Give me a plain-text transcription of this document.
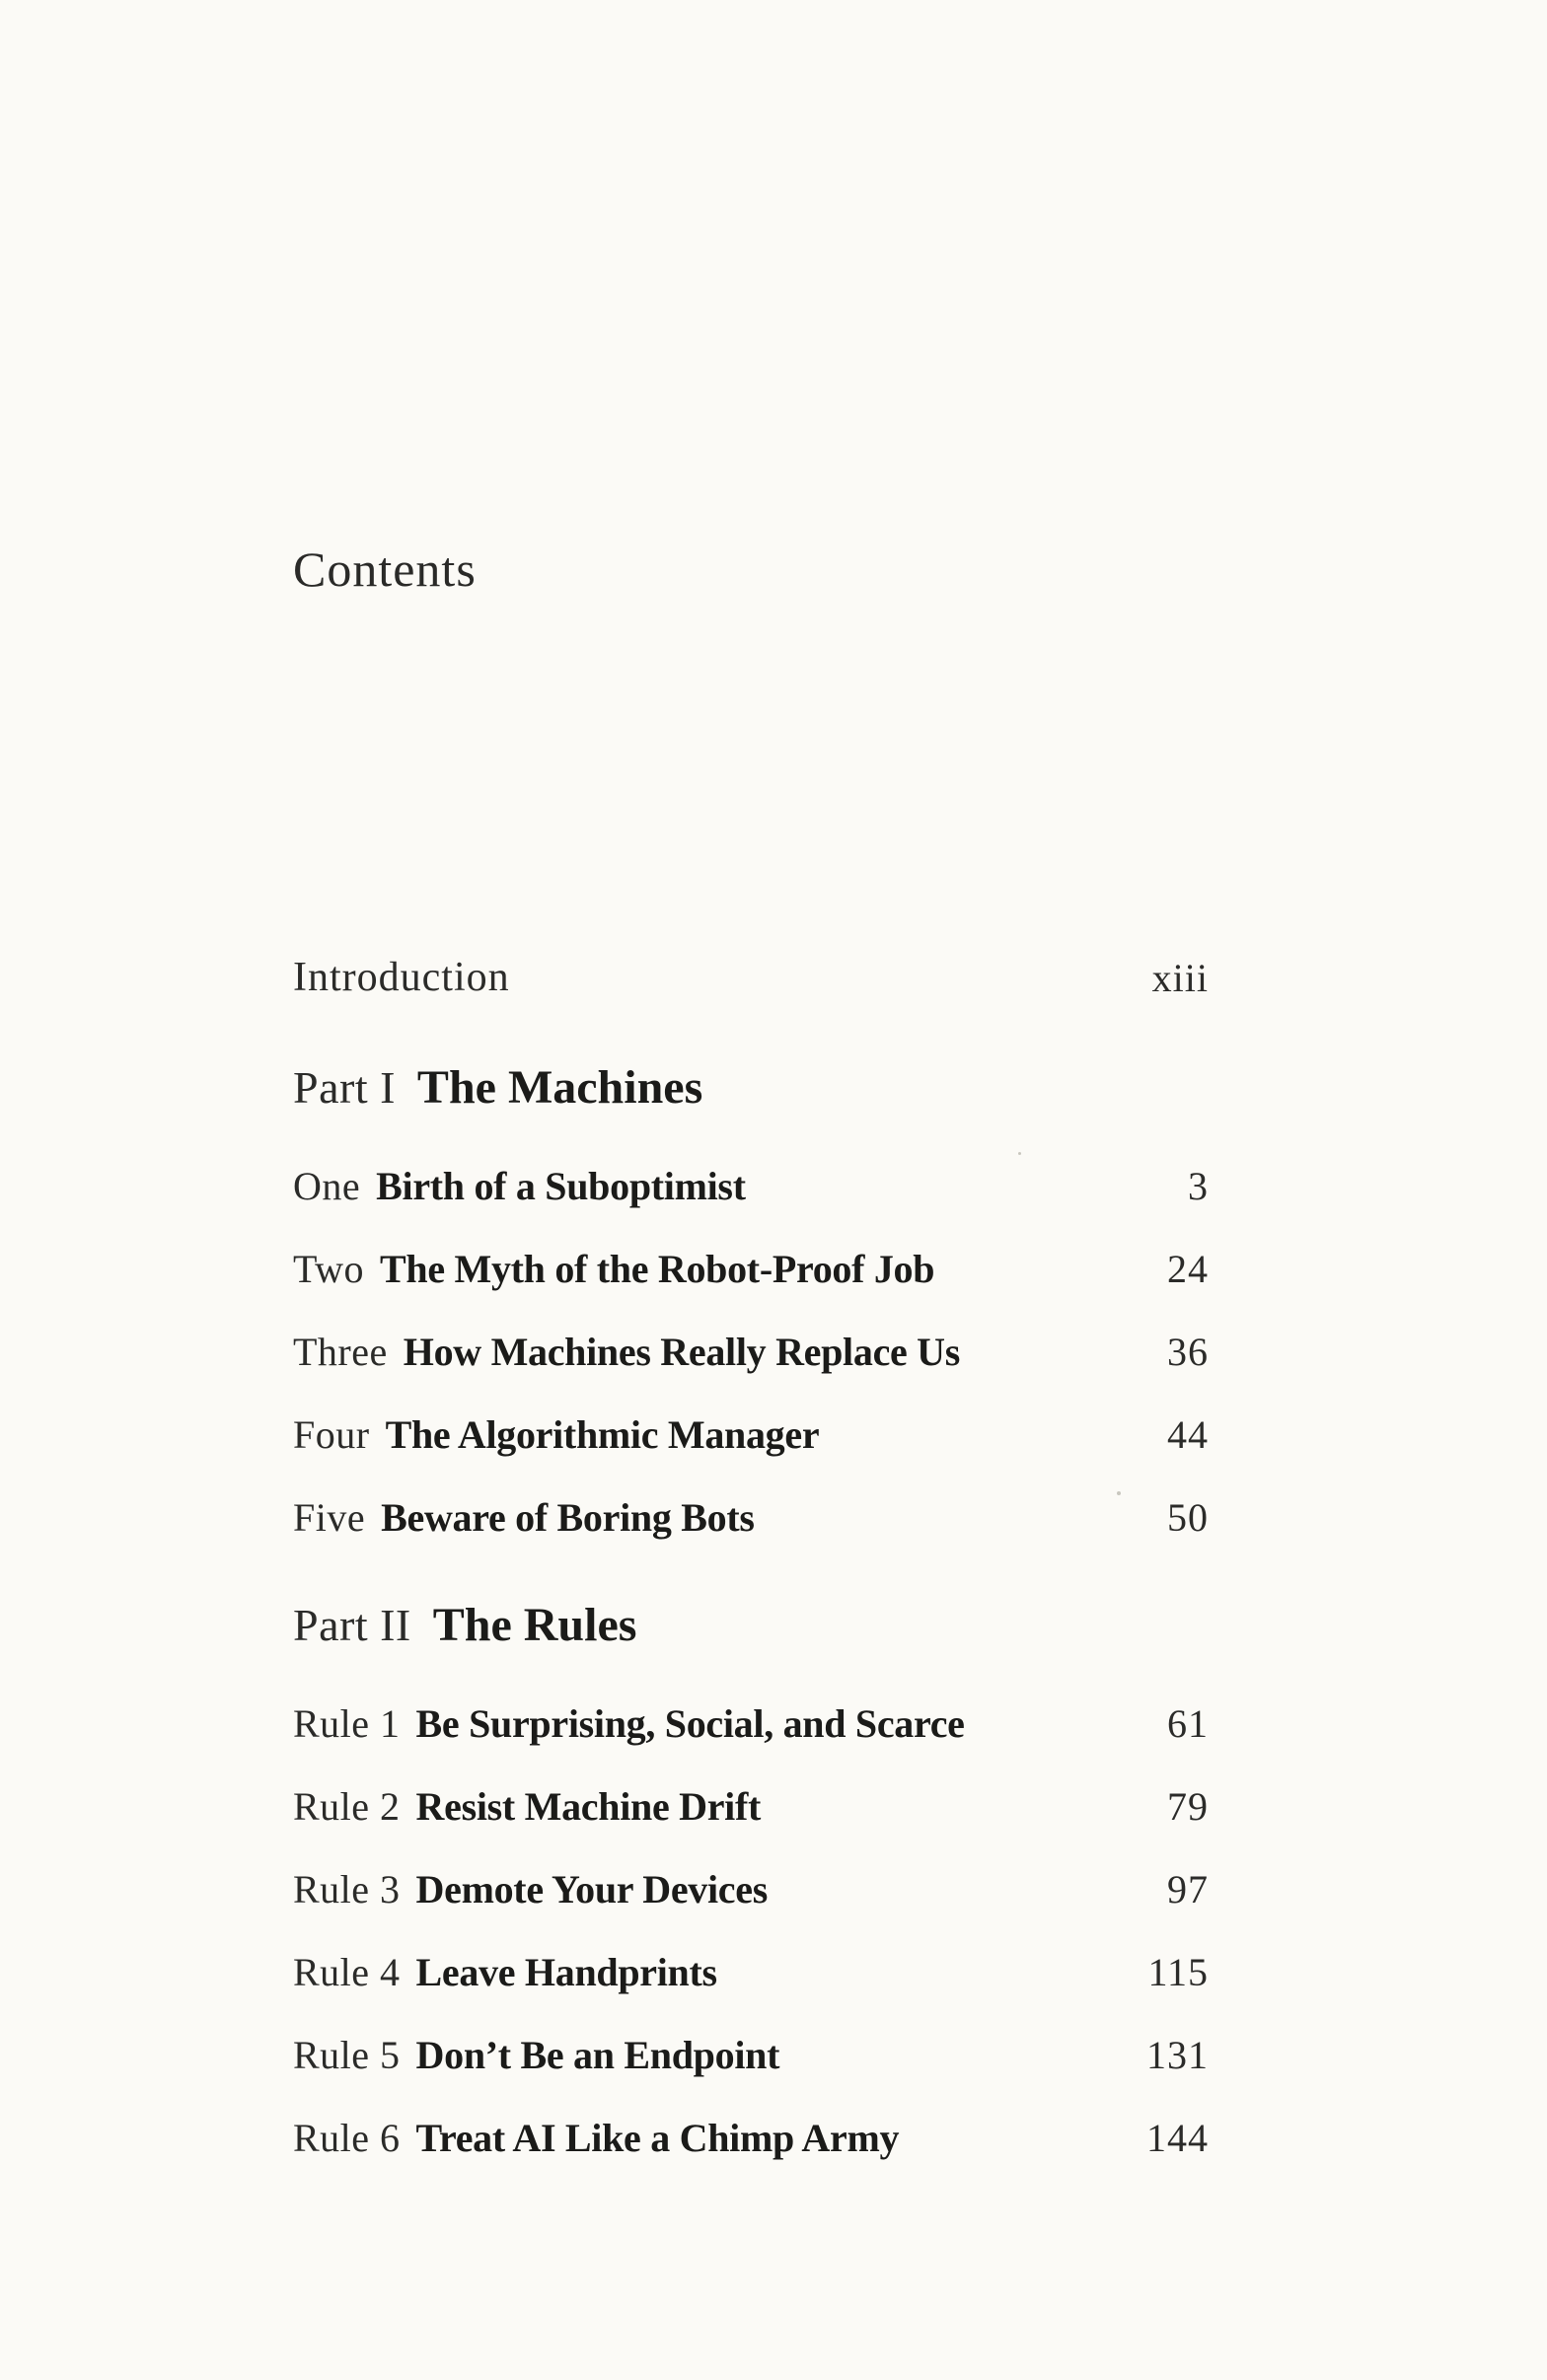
Contents
Introduction	xiii
Part I The Machines
One Birth of a Suboptimist	3
Two The Myth of the Robot-Proof Job	24
Three How Machines Really Replace Us	36
Four The Algorithmic Manager	44
Five Beware of Boring Bots	50
Part II The Rules
Rule 1 Be Surprising, Social, and Scarce	61
Rule 2 Resist Machine Drift	79
Rule 3 Demote Your Devices	97
Rule 4 Leave Handprints	115
Rule 5 Don’t Be an Endpoint	131
Rule 6 Treat AI Like a Chimp Army	144
